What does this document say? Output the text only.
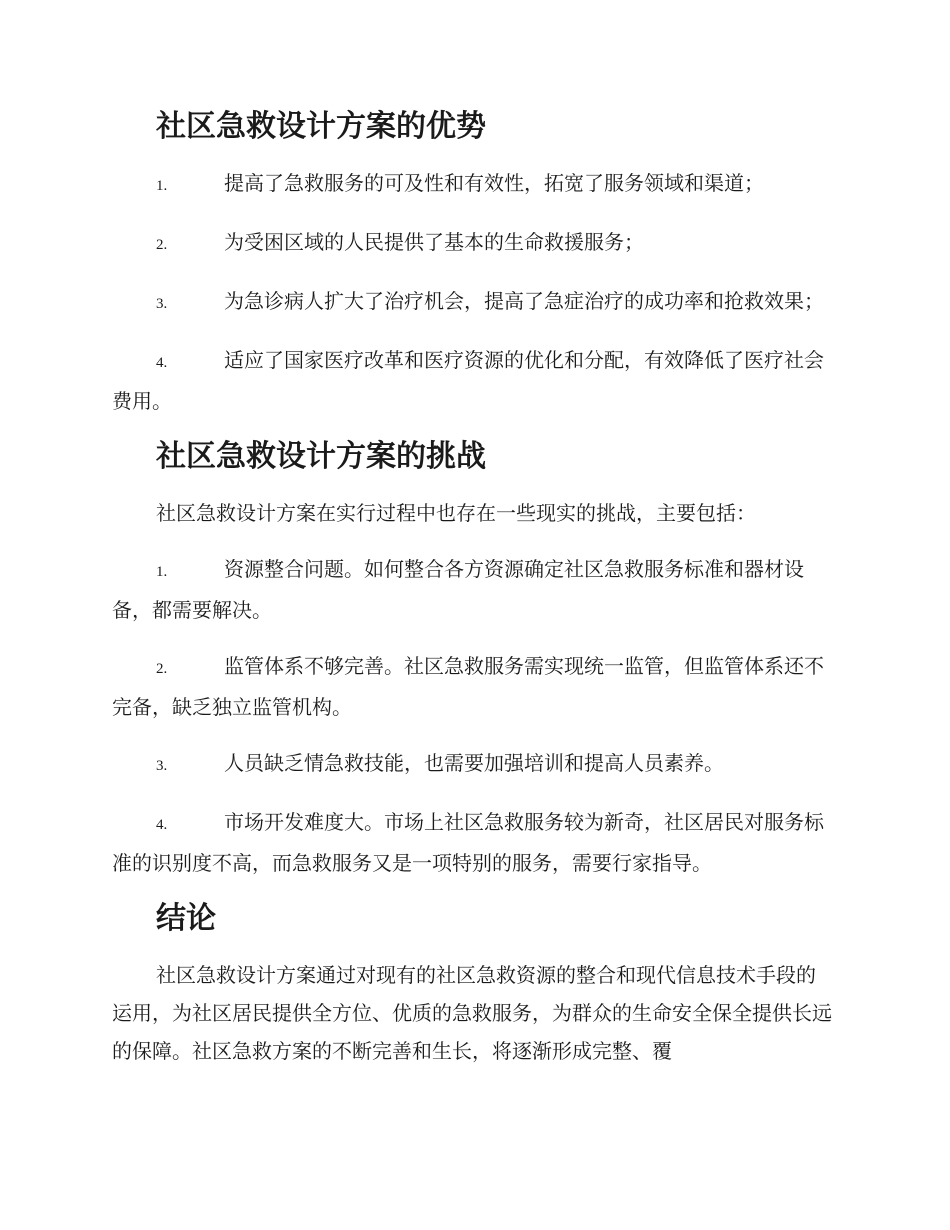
社区急救设计方案的优势

1.	提高了急救服务的可及性和有效性，拓宽了服务领域和渠道；

2.	为受困区域的人民提供了基本的生命救援服务；

3.	为急诊病人扩大了治疗机会，提高了急症治疗的成功率和抢救效果；

4.	适应了国家医疗改革和医疗资源的优化和分配，有效降低了医疗社会费用。

社区急救设计方案的挑战

社区急救设计方案在实行过程中也存在一些现实的挑战，主要包括：

1.	资源整合问题。如何整合各方资源确定社区急救服务标准和器材设备，都需要解决。

2.	监管体系不够完善。社区急救服务需实现统一监管，但监管体系还不完备，缺乏独立监管机构。

3.	人员缺乏情急救技能，也需要加强培训和提高人员素养。

4.	市场开发难度大。市场上社区急救服务较为新奇，社区居民对服务标准的识别度不高，而急救服务又是一项特别的服务，需要行家指导。

结论

社区急救设计方案通过对现有的社区急救资源的整合和现代信息技术手段的运用，为社区居民提供全方位、优质的急救服务，为群众的生命安全保全提供长远的保障。社区急救方案的不断完善和生长，将逐渐形成完整、覆
